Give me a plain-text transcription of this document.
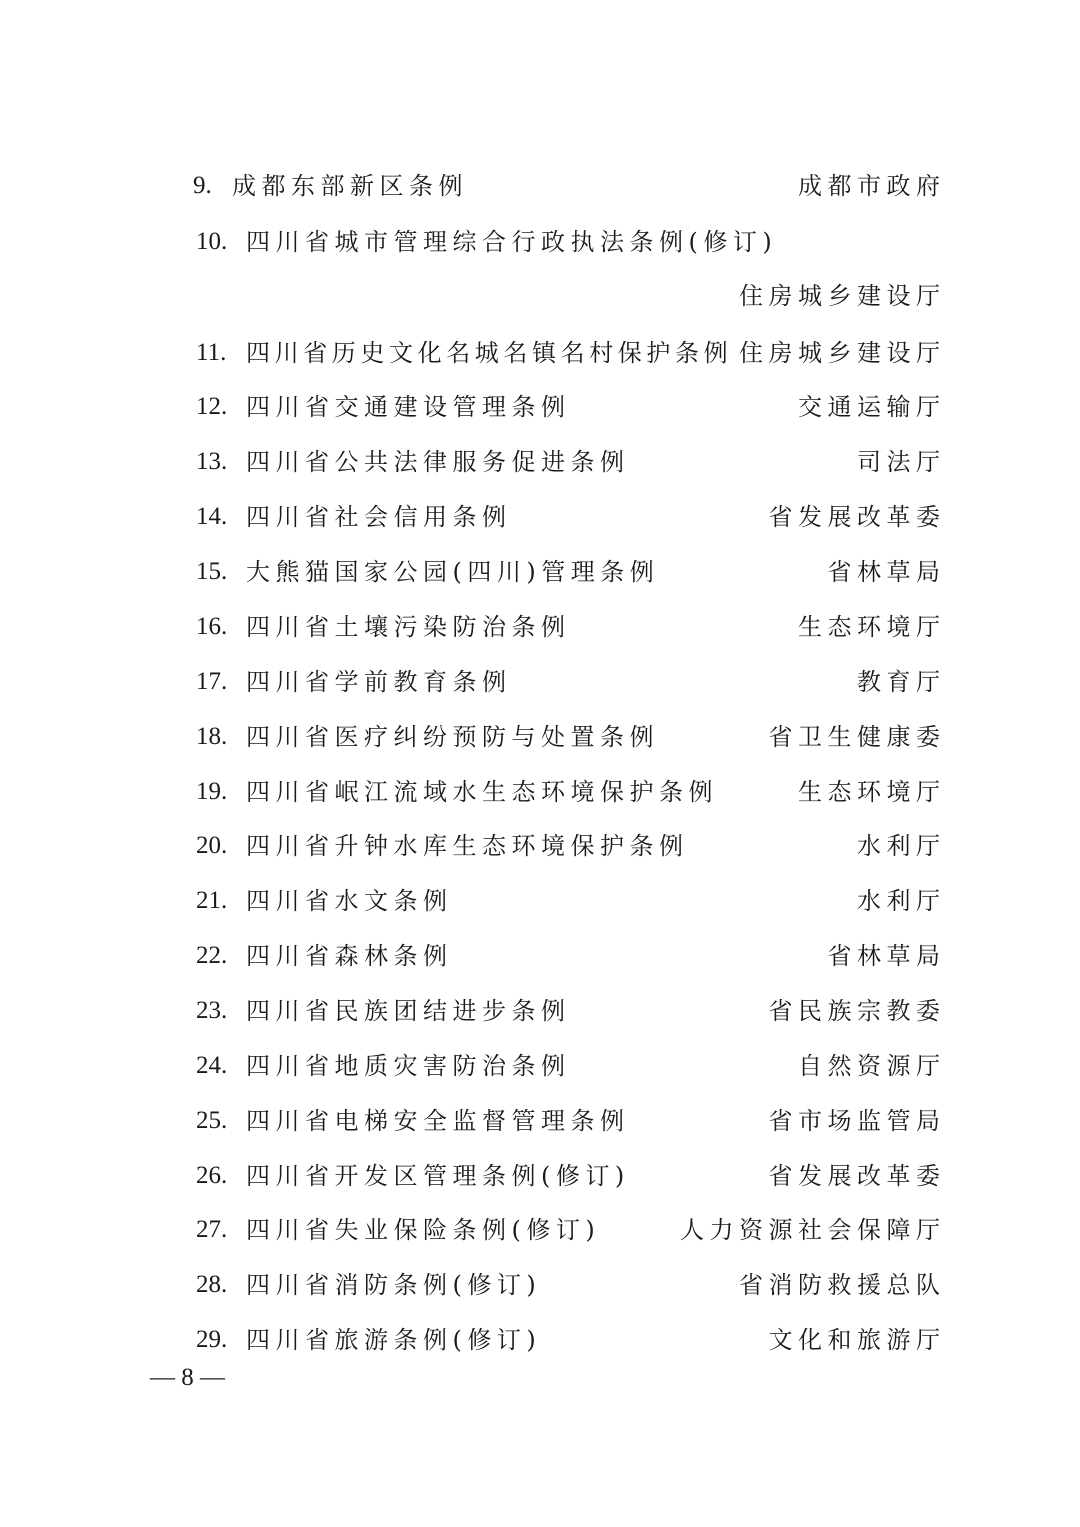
9. 成都东部新区条例	成都市政府
10. 四川省城市管理综合行政执法条例(修订)
住房城乡建设厅
11. 四川省历史文化名城名镇名村保护条例 住房城乡建设厅
12. 四川省交通建设管理条例	交通运输厅
13. 四川省公共法律服务促进条例	司法厅
14. 四川省社会信用条例	省发展改革委
15. 大熊猫国家公园(四川)管理条例	省林草局
16. 四川省土壤污染防治条例	生态环境厅
17. 四川省学前教育条例	教育厅
18. 四川省医疗纠纷预防与处置条例	省卫生健康委
19. 四川省岷江流域水生态环境保护条例	生态环境厅
20. 四川省升钟水库生态环境保护条例	水利厅
21. 四川省水文条例	水利厅
22. 四川省森林条例	省林草局
23. 四川省民族团结进步条例	省民族宗教委
24. 四川省地质灾害防治条例	自然资源厅
25. 四川省电梯安全监督管理条例	省市场监管局
26. 四川省开发区管理条例(修订)	省发展改革委
27. 四川省失业保险条例(修订)	人力资源社会保障厅
28. 四川省消防条例(修订)	省消防救援总队
29. 四川省旅游条例(修订)	文化和旅游厅
— 8 —
